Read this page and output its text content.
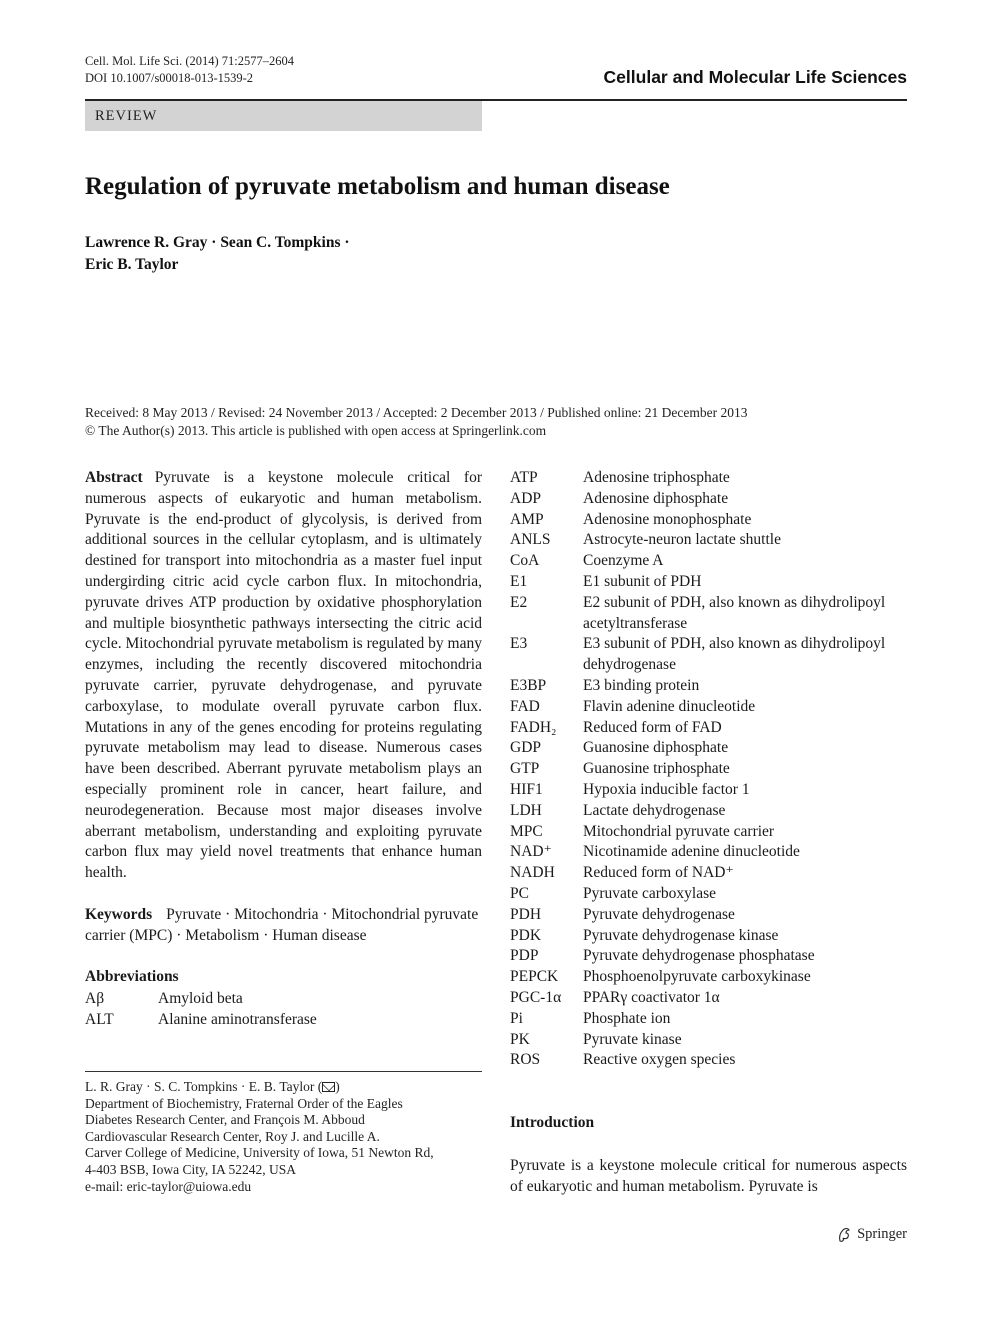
Cell. Mol. Life Sci. (2014) 71:2577–2604
DOI 10.1007/s00018-013-1539-2	Cellular and Molecular Life Sciences
REVIEW
Regulation of pyruvate metabolism and human disease
Lawrence R. Gray · Sean C. Tompkins ·
Eric B. Taylor
Received: 8 May 2013 / Revised: 24 November 2013 / Accepted: 2 December 2013 / Published online: 21 December 2013
© The Author(s) 2013. This article is published with open access at Springerlink.com
Abstract Pyruvate is a keystone molecule critical for numerous aspects of eukaryotic and human metabolism. Pyruvate is the end-product of glycolysis, is derived from additional sources in the cellular cytoplasm, and is ultimately destined for transport into mitochondria as a master fuel input undergirding citric acid cycle carbon flux. In mitochondria, pyruvate drives ATP production by oxidative phosphorylation and multiple biosynthetic pathways intersecting the citric acid cycle. Mitochondrial pyruvate metabolism is regulated by many enzymes, including the recently discovered mitochondria pyruvate carrier, pyruvate dehydrogenase, and pyruvate carboxylase, to modulate overall pyruvate carbon flux. Mutations in any of the genes encoding for proteins regulating pyruvate metabolism may lead to disease. Numerous cases have been described. Aberrant pyruvate metabolism plays an especially prominent role in cancer, heart failure, and neurodegeneration. Because most major diseases involve aberrant metabolism, understanding and exploiting pyruvate carbon flux may yield novel treatments that enhance human health.
Keywords Pyruvate · Mitochondria · Mitochondrial pyruvate carrier (MPC) · Metabolism · Human disease
Abbreviations
Aβ	Amyloid beta
ALT	Alanine aminotransferase
ATP	Adenosine triphosphate
ADP	Adenosine diphosphate
AMP	Adenosine monophosphate
ANLS	Astrocyte-neuron lactate shuttle
CoA	Coenzyme A
E1	E1 subunit of PDH
E2	E2 subunit of PDH, also known as dihydrolipoyl acetyltransferase
E3	E3 subunit of PDH, also known as dihydrolipoyl dehydrogenase
E3BP	E3 binding protein
FAD	Flavin adenine dinucleotide
FADH₂	Reduced form of FAD
GDP	Guanosine diphosphate
GTP	Guanosine triphosphate
HIF1	Hypoxia inducible factor 1
LDH	Lactate dehydrogenase
MPC	Mitochondrial pyruvate carrier
NAD⁺	Nicotinamide adenine dinucleotide
NADH	Reduced form of NAD⁺
PC	Pyruvate carboxylase
PDH	Pyruvate dehydrogenase
PDK	Pyruvate dehydrogenase kinase
PDP	Pyruvate dehydrogenase phosphatase
PEPCK	Phosphoenolpyruvate carboxykinase
PGC-1α	PPARγ coactivator 1α
Pi	Phosphate ion
PK	Pyruvate kinase
ROS	Reactive oxygen species
L. R. Gray · S. C. Tompkins · E. B. Taylor ( )
Department of Biochemistry, Fraternal Order of the Eagles
Diabetes Research Center, and François M. Abboud
Cardiovascular Research Center, Roy J. and Lucille A.
Carver College of Medicine, University of Iowa, 51 Newton Rd,
4-403 BSB, Iowa City, IA 52242, USA
e-mail: eric-taylor@uiowa.edu
Introduction
Pyruvate is a keystone molecule critical for numerous aspects of eukaryotic and human metabolism. Pyruvate is
Springer
